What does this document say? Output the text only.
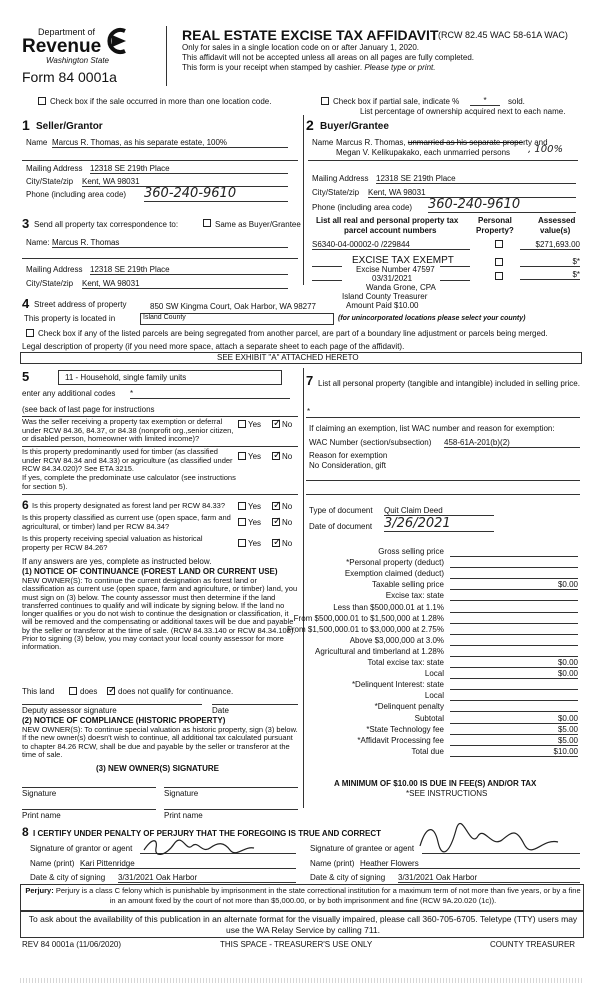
Department of
Revenue
Washington State
Form 84 0001a
REAL ESTATE EXCISE TAX AFFIDAVIT (RCW 82.45 WAC 58-61A WAC)
Only for sales in a single location code on or after January 1, 2020.
This affidavit will not be accepted unless all areas on all pages are fully completed.
This form is your receipt when stamped by cashier. Please type or print.
Check box if the sale occurred in more than one location code.	Check box if partial sale, indicate %	*	sold.
List percentage of ownership acquired next to each name.
1 Seller/Grantor
Name Marcus R. Thomas, as his separate estate, 100%
Mailing Address 12318 SE 219th Place
City/State/zip Kent, WA 98031
Phone (including area code) 360-240-9610
2 Buyer/Grantee
Name Marcus R. Thomas, unmarried as his separate property and
Megan V. Kelikupakako, each unmarried persons , 100%
Mailing Address 12318 SE 219th Place
City/State/zip Kent, WA 98031
Phone (including area code) 360-240-9610
3 Send all property tax correspondence to:	Same as Buyer/Grantee
Name: Marcus R. Thomas
Mailing Address 12318 SE 219th Place
City/State/zip Kent, WA 98031
List all real and personal property tax
parcel account numbers
Personal
Property?
Assessed
value(s)
S6340-04-00002-0 /229844	$271,693.00
$*
$*
EXCISE TAX EXEMPT
Excise Number 47597
03/31/2021
Wanda Grone, CPA
Island County Treasurer
Amount Paid $10.00
4 Street address of property	850 SW Kingma Court, Oak Harbor, WA 98277
This property is located in	Island County	(for unincorporated locations please select your county)
Check box if any of the listed parcels are being segregated from another parcel, are part of a boundary line adjustment or parcels being merged.
Legal description of property (if you need more space, attach a separate sheet to each page of the affidavit).
SEE EXHIBIT "A" ATTACHED HERETO
5	11 - Household, single family units
enter any additional codes *
(see back of last page for instructions
Was the seller receiving a property tax exemption or deferral under RCW 84.36, 84.37, or 84.38 (nonprofit org.,senior citizen, or disabled person, homeowner with limited income)?
Yes ✓ No
Is this property predominantly used for timber (as classified under RCW 84.34 and 84.33) or agriculture (as classified under RCW 84.34.020)? See ETA 3215.
Yes ✓ No
If yes, complete the predominate use calculator (see instructions for section 5).
6 Is this property designated as forest land per RCW 84.33?	Yes ✓ No
Is this property classified as current use (open space, farm and agricultural, or timber) land per RCW 84.34?	Yes ✓ No
Is this property receiving special valuation as historical property per RCW 84.26?	Yes ✓ No
If any answers are yes, complete as instructed below.
(1) NOTICE OF CONTINUANCE (FOREST LAND OR CURRENT USE)
NEW OWNER(S): To continue the current designation as forest land or classification as current use (open space, farm and agriculture, or timber) land, you must sign on (3) below. The county assessor must then determine if the land transferred continues to qualify and will indicate by signing below. If the land no longer qualifies or you do not wish to continue the designation or classification, it will be removed and the compensating or additional taxes will be due and payable by the seller or transferor at the time of sale. (RCW 84.33.140 or RCW 84.34.108). Prior to signing (3) below, you may contact your local county assessor for more information.
This land	does ✓ does not qualify for continuance.
Deputy assessor signature	Date
(2) NOTICE OF COMPLIANCE (HISTORIC PROPERTY)
NEW OWNER(S): To continue special valuation as historic property, sign (3) below. If the new owner(s) doesn't wish to continue, all additional tax calculated pursuant to chapter 84.26 RCW, shall be due and payable by the seller or transferor at the time of sale.
(3) NEW OWNER(S) SIGNATURE
Signature	Signature
Print name	Print name
7 List all personal property (tangible and intangible) included in selling price.
*
If claiming an exemption, list WAC number and reason for exemption:
WAC Number (section/subsection) 458-61A-201(b)(2)
Reason for exemption
No Consideration, gift
Type of document Quit Claim Deed
Date of document 3/26/2021
Gross selling price
*Personal property (deduct)
Exemption claimed (deduct)
Taxable selling price	$0.00
Excise tax: state
Less than $500,000.01 at 1.1%
From $500,000.01 to $1,500,000 at 1.28%
From $1,500,000.01 to $3,000,000 at 2.75%
Above $3,000,000 at 3.0%
Agricultural and timberland at 1.28%
Total excise tax: state	$0.00
Local	$0.00
*Delinquent Interest: state
Local
*Delinquent penalty
Subtotal	$0.00
*State Technology fee	$5.00
*Affidavit Processing fee	$5.00
Total due	$10.00
A MINIMUM OF $10.00 IS DUE IN FEE(S) AND/OR TAX
*SEE INSTRUCTIONS
8 I CERTIFY UNDER PENALTY OF PERJURY THAT THE FOREGOING IS TRUE AND CORRECT
Signature of grantor or agent	Signature of grantee or agent
Name (print) Kari Pittenridge	Name (print) Heather Flowers
Date & city of signing 3/31/2021 Oak Harbor	Date & city of signing 3/31/2021 Oak Harbor
Perjury: Perjury is a class C felony which is punishable by imprisonment in the state correctional institution for a maximum term of not more than five years, or by a fine in an amount fixed by the court of not more than $5,000.00, or by both imprisonment and fine (RCW 9A.20.020 (1c)).
To ask about the availability of this publication in an alternate format for the visually impaired, please call 360-705-6705. Teletype (TTY) users may use the WA Relay Service by calling 711.
REV 84 0001a (11/06/2020)	THIS SPACE - TREASURER'S USE ONLY	COUNTY TREASURER
